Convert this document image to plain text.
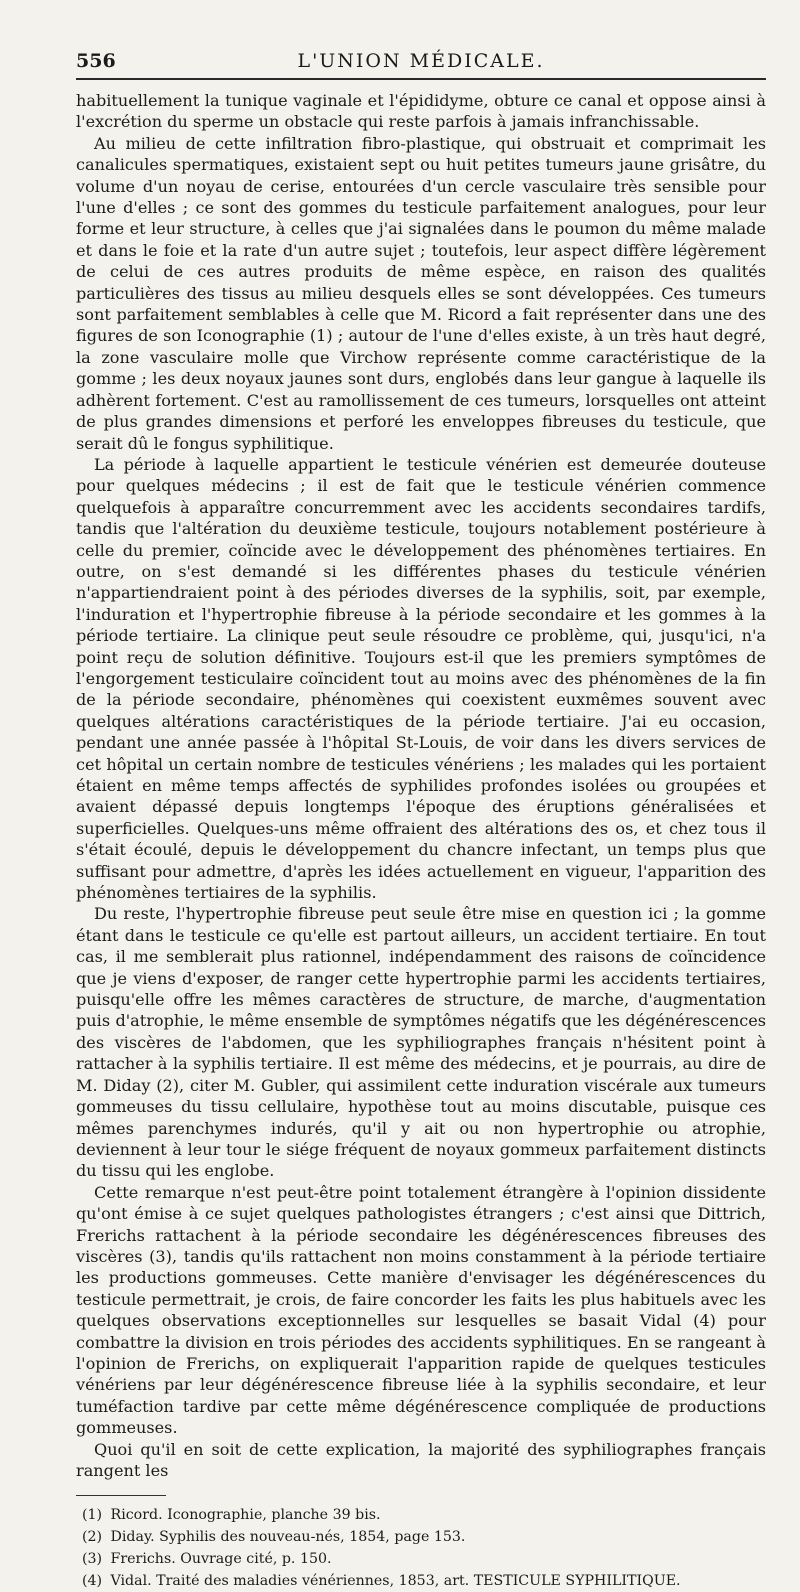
556	L'UNION MÉDICALE.

habituellement la tunique vaginale et l'épididyme, obture ce canal et oppose ainsi à l'excrétion du sperme un obstacle qui reste parfois à jamais infranchissable.

Au milieu de cette infiltration fibro-plastique, qui obstruait et comprimait les canalicules spermatiques, existaient sept ou huit petites tumeurs jaune grisâtre, du volume d'un noyau de cerise, entourées d'un cercle vasculaire très sensible pour l'une d'elles ; ce sont des gommes du testicule parfaitement analogues, pour leur forme et leur structure, à celles que j'ai signalées dans le poumon du même malade et dans le foie et la rate d'un autre sujet ; toutefois, leur aspect diffère légèrement de celui de ces autres produits de même espèce, en raison des qualités particulières des tissus au milieu desquels elles se sont développées. Ces tumeurs sont parfaitement semblables à celle que M. Ricord a fait représenter dans une des figures de son Iconographie (1) ; autour de l'une d'elles existe, à un très haut degré, la zone vasculaire molle que Virchow représente comme caractéristique de la gomme ; les deux noyaux jaunes sont durs, englobés dans leur gangue à laquelle ils adhèrent fortement. C'est au ramollissement de ces tumeurs, lorsquelles ont atteint de plus grandes dimensions et perforé les enveloppes fibreuses du testicule, que serait dû le fongus syphilitique.

La période à laquelle appartient le testicule vénérien est demeurée douteuse pour quelques médecins ; il est de fait que le testicule vénérien commence quelquefois à apparaître concurremment avec les accidents secondaires tardifs, tandis que l'altération du deuxième testicule, toujours notablement postérieure à celle du premier, coïncide avec le développement des phénomènes tertiaires. En outre, on s'est demandé si les différentes phases du testicule vénérien n'appartiendraient point à des périodes diverses de la syphilis, soit, par exemple, l'induration et l'hypertrophie fibreuse à la période secondaire et les gommes à la période tertiaire. La clinique peut seule résoudre ce problème, qui, jusqu'ici, n'a point reçu de solution définitive. Toujours est-il que les premiers symptômes de l'engorgement testiculaire coïncident tout au moins avec des phénomènes de la fin de la période secondaire, phénomènes qui coexistent euxmêmes souvent avec quelques altérations caractéristiques de la période tertiaire. J'ai eu occasion, pendant une année passée à l'hôpital St-Louis, de voir dans les divers services de cet hôpital un certain nombre de testicules vénériens ; les malades qui les portaient étaient en même temps affectés de syphilides profondes isolées ou groupées et avaient dépassé depuis longtemps l'époque des éruptions généralisées et superficielles. Quelques-uns même offraient des altérations des os, et chez tous il s'était écoulé, depuis le développement du chancre infectant, un temps plus que suffisant pour admettre, d'après les idées actuellement en vigueur, l'apparition des phénomènes tertiaires de la syphilis.

Du reste, l'hypertrophie fibreuse peut seule être mise en question ici ; la gomme étant dans le testicule ce qu'elle est partout ailleurs, un accident tertiaire. En tout cas, il me semblerait plus rationnel, indépendamment des raisons de coïncidence que je viens d'exposer, de ranger cette hypertrophie parmi les accidents tertiaires, puisqu'elle offre les mêmes caractères de structure, de marche, d'augmentation puis d'atrophie, le même ensemble de symptômes négatifs que les dégénérescences des viscères de l'abdomen, que les syphiliographes français n'hésitent point à rattacher à la syphilis tertiaire. Il est même des médecins, et je pourrais, au dire de M. Diday (2), citer M. Gubler, qui assimilent cette induration viscérale aux tumeurs gommeuses du tissu cellulaire, hypothèse tout au moins discutable, puisque ces mêmes parenchymes indurés, qu'il y ait ou non hypertrophie ou atrophie, deviennent à leur tour le siége fréquent de noyaux gommeux parfaitement distincts du tissu qui les englobe.

Cette remarque n'est peut-être point totalement étrangère à l'opinion dissidente qu'ont émise à ce sujet quelques pathologistes étrangers ; c'est ainsi que Dittrich, Frerichs rattachent à la période secondaire les dégénérescences fibreuses des viscères (3), tandis qu'ils rattachent non moins constamment à la période tertiaire les productions gommeuses. Cette manière d'envisager les dégénérescences du testicule permettrait, je crois, de faire concorder les faits les plus habituels avec les quelques observations exceptionnelles sur lesquelles se basait Vidal (4) pour combattre la division en trois périodes des accidents syphilitiques. En se rangeant à l'opinion de Frerichs, on expliquerait l'apparition rapide de quelques testicules vénériens par leur dégénérescence fibreuse liée à la syphilis secondaire, et leur tuméfaction tardive par cette même dégénérescence compliquée de productions gommeuses.

Quoi qu'il en soit de cette explication, la majorité des syphiliographes français rangent les

(1) Ricord. Iconographie, planche 39 bis.

(2) Diday. Syphilis des nouveau-nés, 1854, page 153.

(3) Frerichs. Ouvrage cité, p. 150.

(4) Vidal. Traité des maladies vénériennes, 1853, art. TESTICULE SYPHILITIQUE.
